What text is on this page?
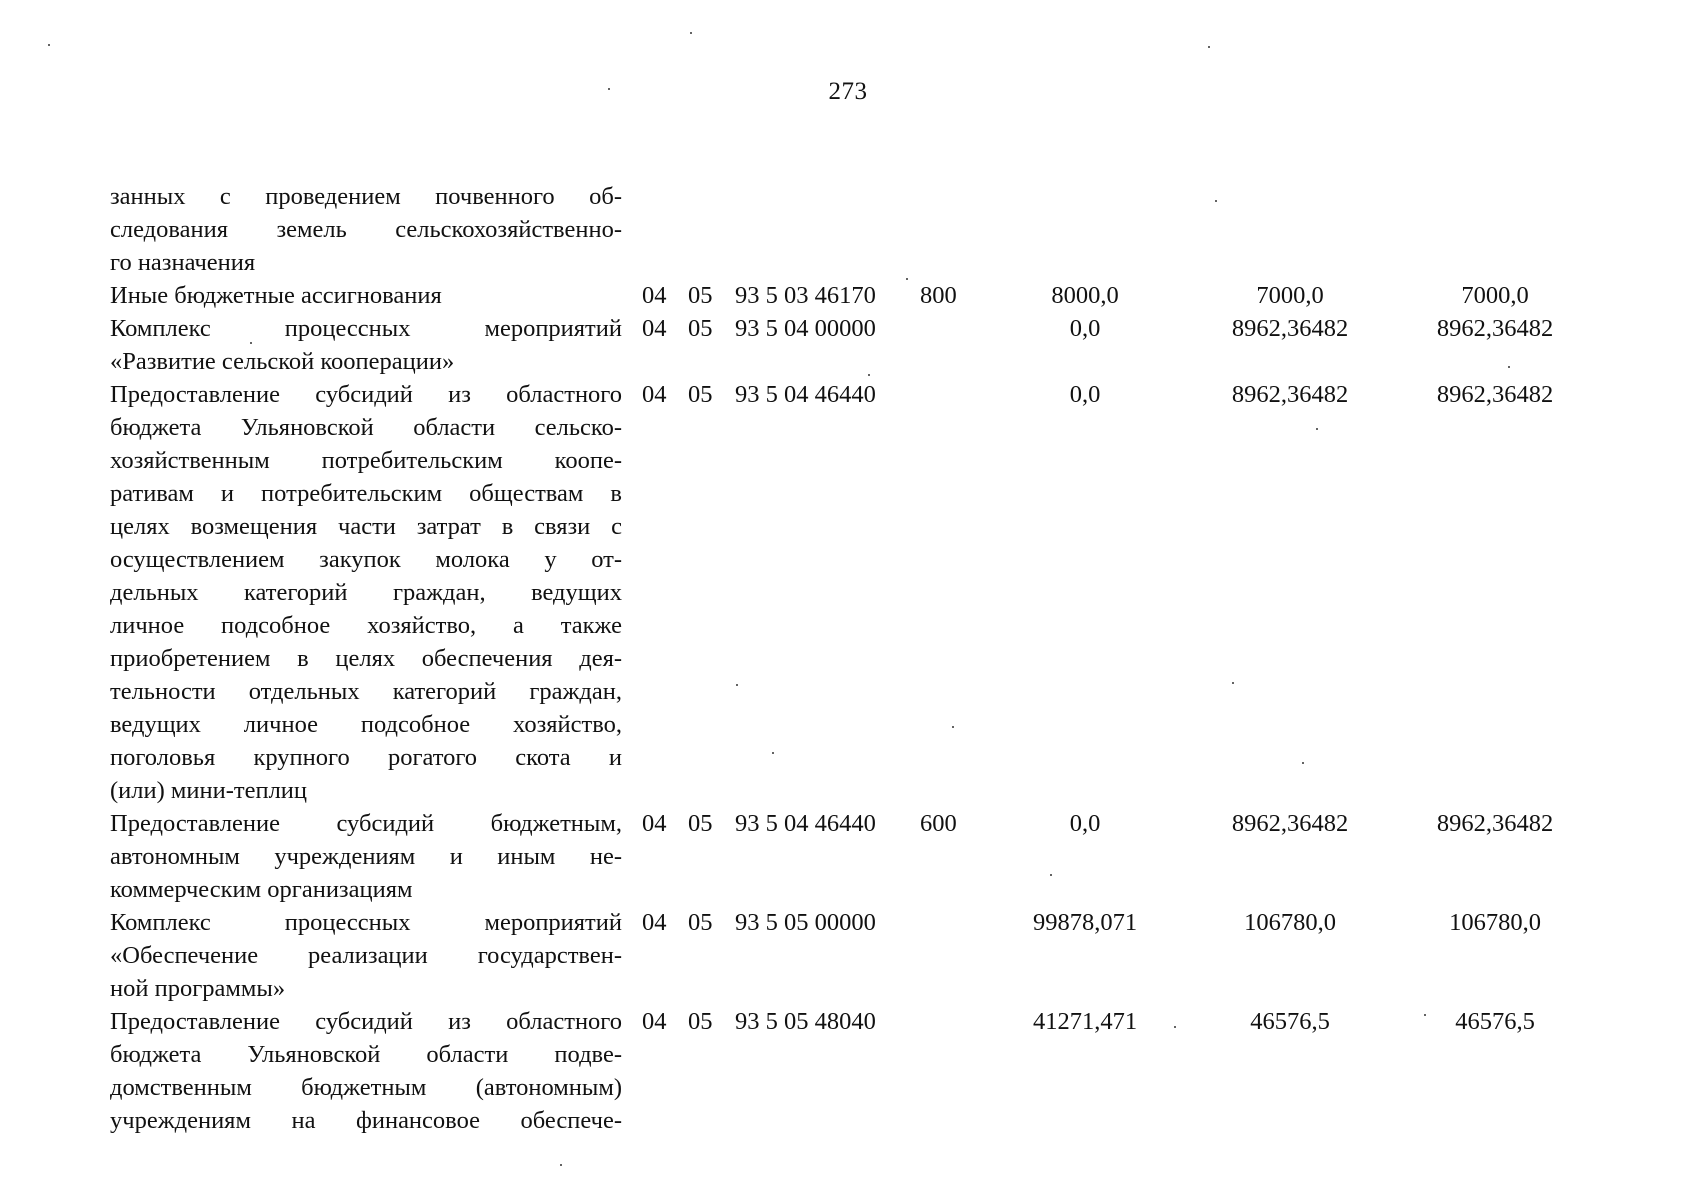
273
занных с проведением почвенного об-
следования земель сельскохозяйственно-
го назначения
Иные бюджетные ассигнования	04 05 93 5 03 46170 800	8000,0	7000,0	7000,0
Комплекс процессных мероприятий
«Развитие сельской кооперации»
04 05 93 5 04 00000	0,0	8962,36482	8962,36482
Предоставление субсидий из областного
бюджета Ульяновской области сельско-
хозяйственным потребительским коопе-
ративам и потребительским обществам в
целях возмещения части затрат в связи с
осуществлением закупок молока у от-
дельных категорий граждан, ведущих
личное подсобное хозяйство, а также
приобретением в целях обеспечения дея-
тельности отдельных категорий граждан,
ведущих личное подсобное хозяйство,
поголовья крупного рогатого скота и
(или) мини-теплиц
04 05 93 5 04 46440	0,0	8962,36482	8962,36482
Предоставление субсидий бюджетным,
автономным учреждениям и иным не-
коммерческим организациям
04 05 93 5 04 46440 600	0,0	8962,36482	8962,36482
Комплекс процессных мероприятий
«Обеспечение реализации государствен-
ной программы»
04 05 93 5 05 00000	99878,071	106780,0	106780,0
Предоставление субсидий из областного
бюджета Ульяновской области подве-
домственным бюджетным (автономным)
учреждениям на финансовое обеспече-
04 05 93 5 05 48040	41271,471	46576,5	46576,5
